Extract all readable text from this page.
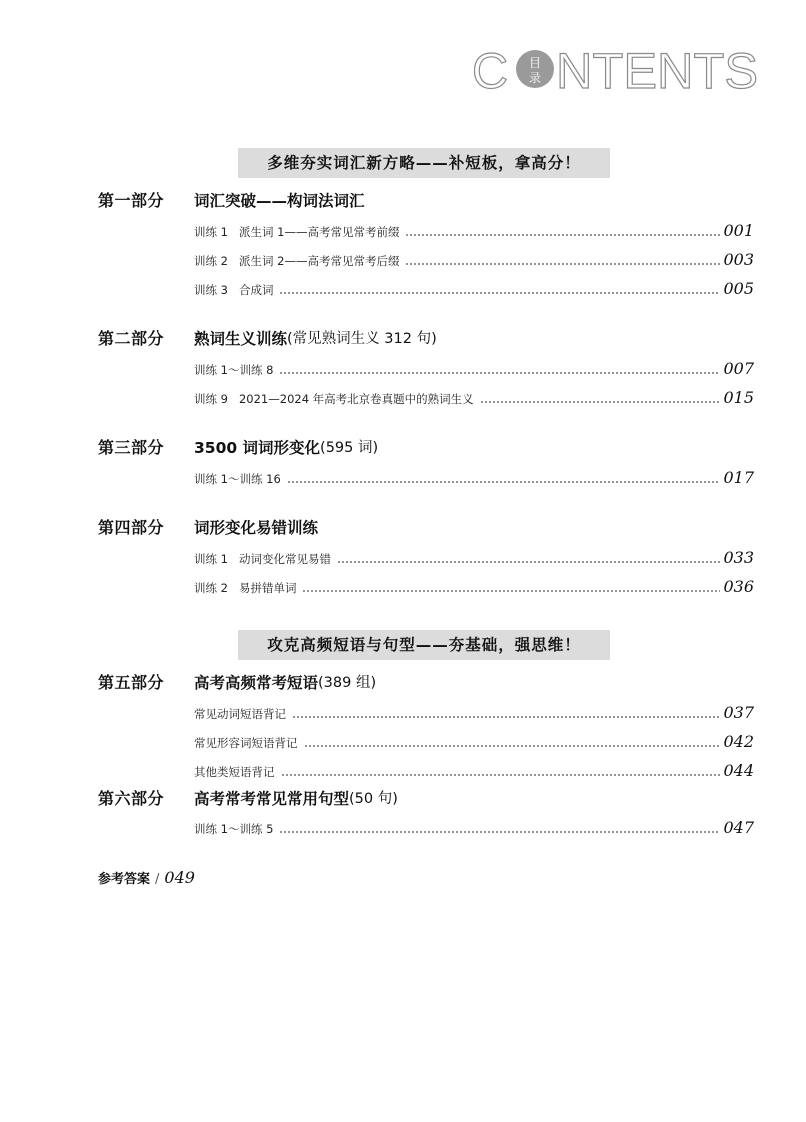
C 目
录 NTENTS
多维夯实词汇新方略——补短板，拿高分！
第一部分	词汇突破——构词法词汇
训练 1 派生词 1——高考常见常考前缀	001
训练 2 派生词 2——高考常见常考后缀	003
训练 3 合成词	005
第二部分	熟词生义训练 (常见熟词生义 312 句)
训练 1～训练 8	007
训练 9 2021—2024 年高考北京卷真题中的熟词生义	015
第三部分	3500 词词形变化 (595 词)
训练 1～训练 16	017
第四部分	词形变化易错训练
训练 1 动词变化常见易错	033
训练 2 易拼错单词	036
攻克高频短语与句型——夯基础，强思维！
第五部分	高考高频常考短语 (389 组)
常见动词短语背记	037
常见形容词短语背记	042
其他类短语背记	044
第六部分	高考常考常见常用句型 (50 句)
训练 1～训练 5	047
参考答案 / 049
